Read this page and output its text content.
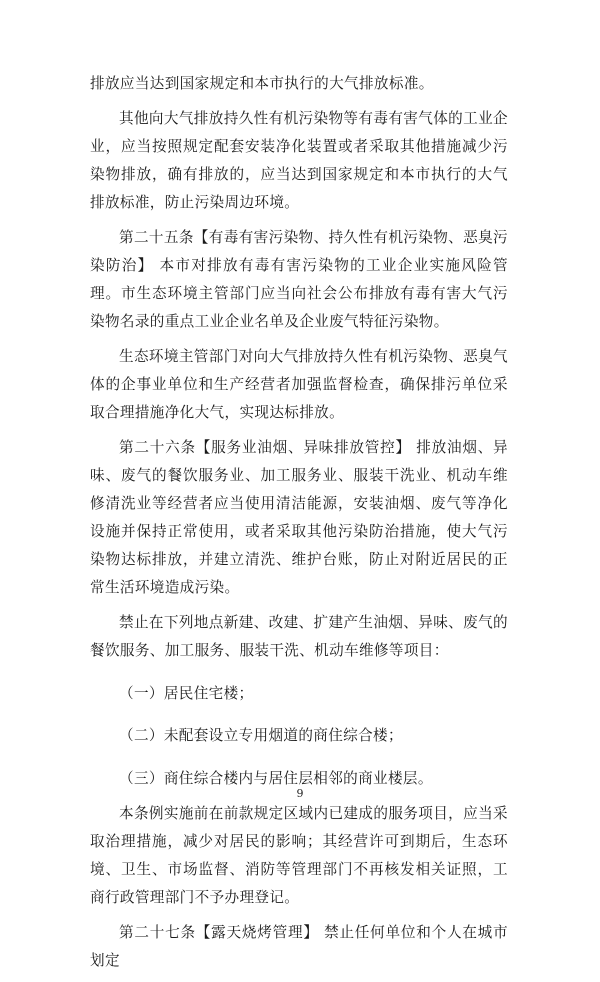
排放应当达到国家规定和本市执行的大气排放标准。

其他向大气排放持久性有机污染物等有毒有害气体的工业企业，应当按照规定配套安装净化装置或者采取其他措施减少污染物排放，确有排放的，应当达到国家规定和本市执行的大气排放标准，防止污染周边环境。

第二十五条【有毒有害污染物、持久性有机污染物、恶臭污染防治】 本市对排放有毒有害污染物的工业企业实施风险管理。市生态环境主管部门应当向社会公布排放有毒有害大气污染物名录的重点工业企业名单及企业废气特征污染物。

生态环境主管部门对向大气排放持久性有机污染物、恶臭气体的企事业单位和生产经营者加强监督检查，确保排污单位采取合理措施净化大气，实现达标排放。

第二十六条【服务业油烟、异味排放管控】 排放油烟、异味、废气的餐饮服务业、加工服务业、服装干洗业、机动车维修清洗业等经营者应当使用清洁能源，安装油烟、废气等净化设施并保持正常使用，或者采取其他污染防治措施，使大气污染物达标排放，并建立清洗、维护台账，防止对附近居民的正常生活环境造成污染。

禁止在下列地点新建、改建、扩建产生油烟、异味、废气的餐饮服务、加工服务、服装干洗、机动车维修等项目：

（一）居民住宅楼；

（二）未配套设立专用烟道的商住综合楼；

（三）商住综合楼内与居住层相邻的商业楼层。

本条例实施前在前款规定区域内已建成的服务项目，应当采取治理措施，减少对居民的影响；其经营许可到期后，生态环境、卫生、市场监督、消防等管理部门不再核发相关证照，工商行政管理部门不予办理登记。

第二十七条【露天烧烤管理】 禁止任何单位和个人在城市划定

9
